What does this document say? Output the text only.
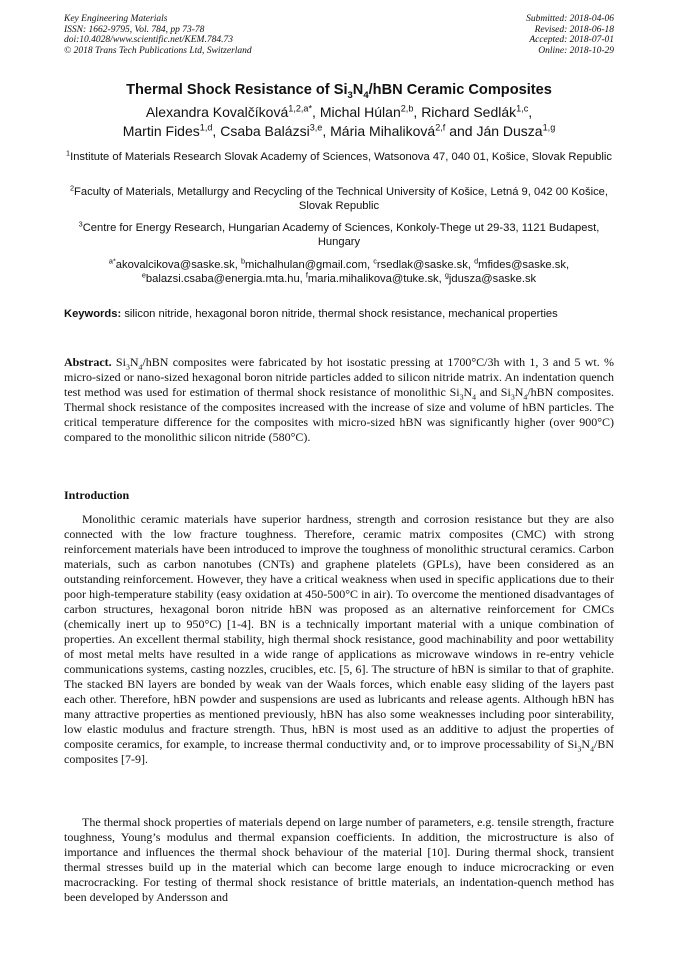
Key Engineering Materials
ISSN: 1662-9795, Vol. 784, pp 73-78
doi:10.4028/www.scientific.net/KEM.784.73
© 2018 Trans Tech Publications Ltd, Switzerland
Submitted: 2018-04-06
Revised: 2018-06-18
Accepted: 2018-07-01
Online: 2018-10-29
Thermal Shock Resistance of $Si_3N_4$/hBN Ceramic Composites
Alexandra Kovalčíková$^{1,2,a*}$, Michal Húlan$^{2,b}$, Richard Sedlák$^{1,c}$,
Martin Fides$^{1,d}$, Csaba Balázsi$^{3,e}$, Mária Mihaliková$^{2,f}$ and Ján Dusza$^{1,g}$
$^1$Institute of Materials Research Slovak Academy of Sciences, Watsonova 47, 040 01, Košice, Slovak Republic
$^2$Faculty of Materials, Metallurgy and Recycling of the Technical University of Košice, Letná 9, 042 00 Košice, Slovak Republic
$^3$Centre for Energy Research, Hungarian Academy of Sciences, Konkoly-Thege ut 29-33, 1121 Budapest, Hungary
$^{a*}$akovalcikova@saske.sk, $^b$michalhulan@gmail.com, $^c$rsedlak@saske.sk, $^d$mfides@saske.sk,
$^e$balazsi.csaba@energia.mta.hu, $^f$maria.mihalikova@tuke.sk, $^g$jdusza@saske.sk
Keywords: silicon nitride, hexagonal boron nitride, thermal shock resistance, mechanical properties

Abstract. $Si_3N_4$/hBN composites were fabricated by hot isostatic pressing at 1700°C/3h with 1, 3 and 5 wt. % micro-sized or nano-sized hexagonal boron nitride particles added to silicon nitride matrix. An indentation quench test method was used for estimation of thermal shock resistance of monolithic $Si_3N_4$ and $Si_3N_4$/hBN composites. Thermal shock resistance of the composites increased with the increase of size and volume of hBN particles. The critical temperature difference for the composites with micro-sized hBN was significantly higher (over 900°C) compared to the monolithic silicon nitride (580°C).

Introduction

Monolithic ceramic materials have superior hardness, strength and corrosion resistance but they are also connected with the low fracture toughness. Therefore, ceramic matrix composites (CMC) with strong reinforcement materials have been introduced to improve the toughness of monolithic structural ceramics. Carbon materials, such as carbon nanotubes (CNTs) and graphene platelets (GPLs), have been considered as an outstanding reinforcement. However, they have a critical weakness when used in specific applications due to their poor high-temperature stability (easy oxidation at 450-500°C in air). To overcome the mentioned disadvantages of carbon structures, hexagonal boron nitride hBN was proposed as an alternative reinforcement for CMCs (chemically inert up to 950°C) [1-4]. BN is a technically important material with a unique combination of properties. An excellent thermal stability, high thermal shock resistance, good machinability and poor wettability of most metal melts have resulted in a wide range of applications as microwave windows in re-entry vehicle communications systems, casting nozzles, crucibles, etc. [5, 6]. The structure of hBN is similar to that of graphite. The stacked BN layers are bonded by weak van der Waals forces, which enable easy sliding of the layers past each other. Therefore, hBN powder and suspensions are used as lubricants and release agents. Although hBN has many attractive properties as mentioned previously, hBN has also some weaknesses including poor sinterability, low elastic modulus and fracture strength. Thus, hBN is most used as an additive to adjust the properties of composite ceramics, for example, to increase thermal conductivity and, or to improve processability of $Si_3N_4/BN$ composites [7-9].

The thermal shock properties of materials depend on large number of parameters, e.g. tensile strength, fracture toughness, Young’s modulus and thermal expansion coefficients. In addition, the microstructure is also of importance and influences the thermal shock behaviour of the material [10]. During thermal shock, transient thermal stresses build up in the material which can become large enough to induce microcracking or even macrocracking. For testing of thermal shock resistance of brittle materials, an indentation-quench method has been developed by Andersson and
